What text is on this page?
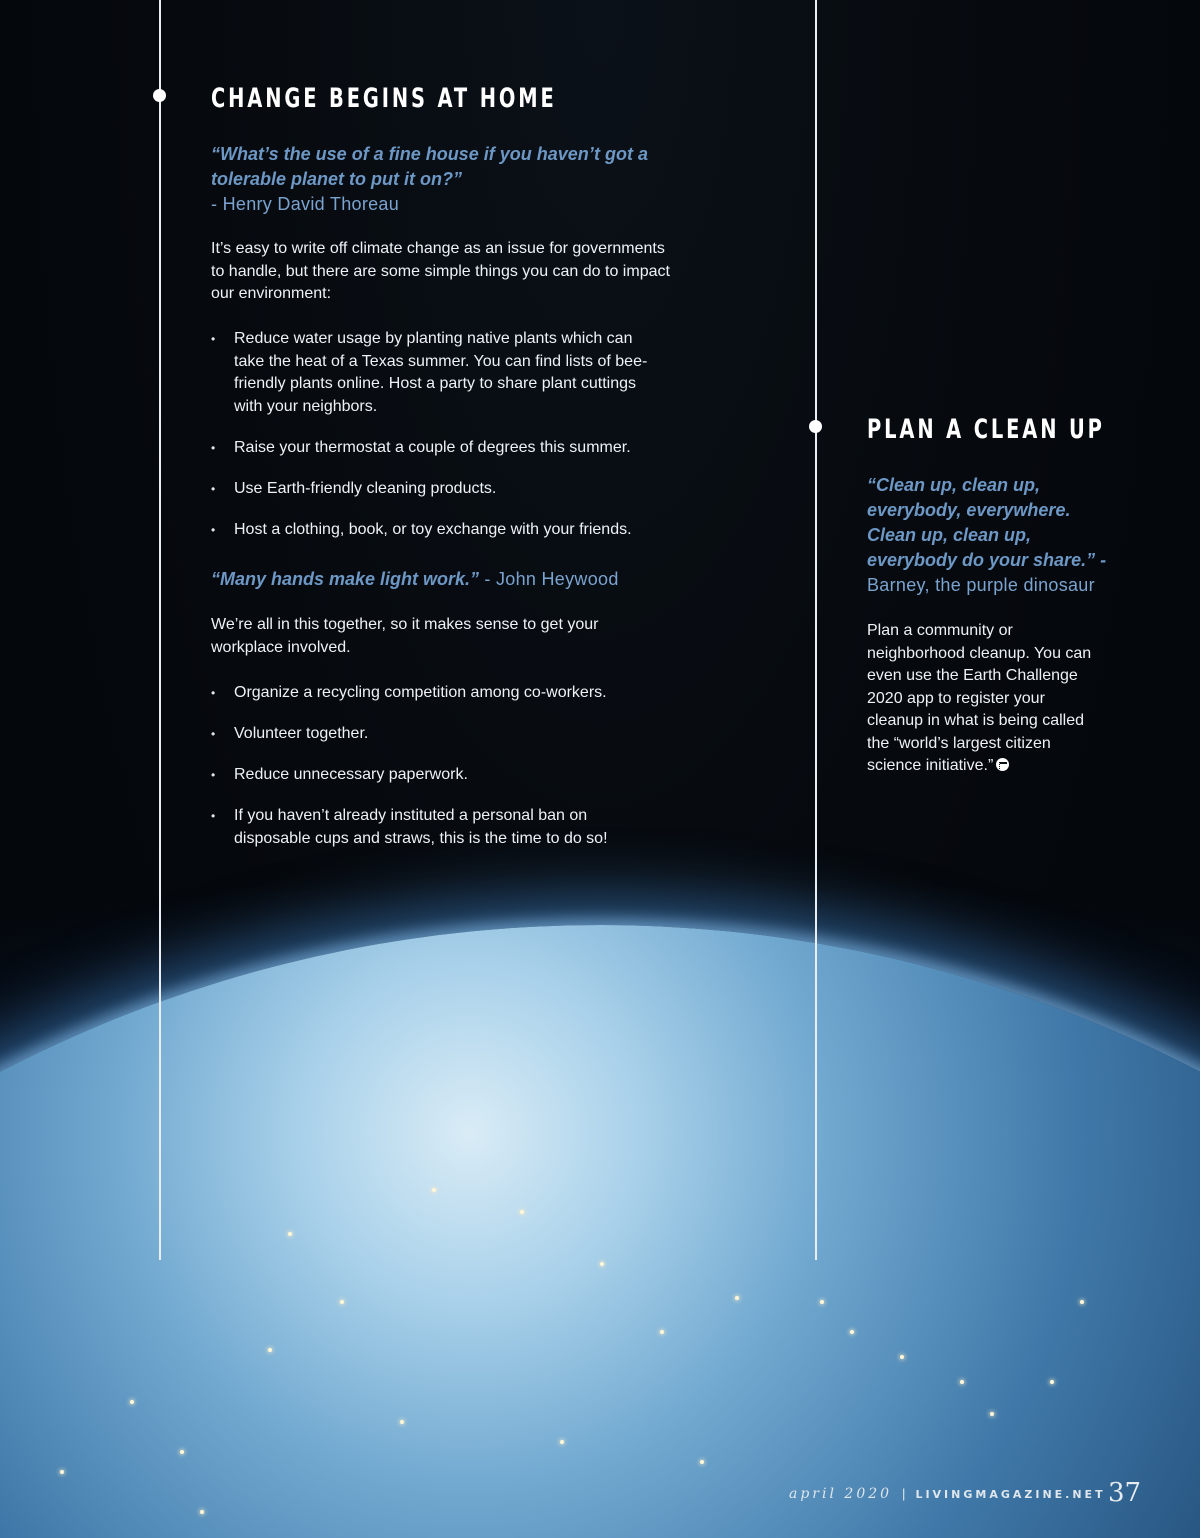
CHANGE BEGINS AT HOME
“What’s the use of a fine house if you haven’t got a
tolerable planet to put it on?”
- Henry David Thoreau
It’s easy to write off climate change as an issue for governments to handle, but there are some simple things you can do to impact our environment:
• Reduce water usage by planting native plants which can take the heat of a Texas summer. You can find lists of bee-friendly plants online. Host a party to share plant cuttings with your neighbors.
• Raise your thermostat a couple of degrees this summer.
• Use Earth-friendly cleaning products.
• Host a clothing, book, or toy exchange with your friends.
“Many hands make light work.” - John Heywood
We’re all in this together, so it makes sense to get your workplace involved.
• Organize a recycling competition among co-workers.
• Volunteer together.
• Reduce unnecessary paperwork.
• If you haven’t already instituted a personal ban on disposable cups and straws, this is the time to do so!
PLAN A CLEAN UP
“Clean up, clean up,
everybody, everywhere.
Clean up, clean up,
everybody do your share.” -
Barney, the purple dinosaur
Plan a community or neighborhood cleanup. You can even use the Earth Challenge 2020 app to register your cleanup in what is being called the “world’s largest citizen science initiative.”
april 2020 | LIVINGMAGAZINE.NET 37
